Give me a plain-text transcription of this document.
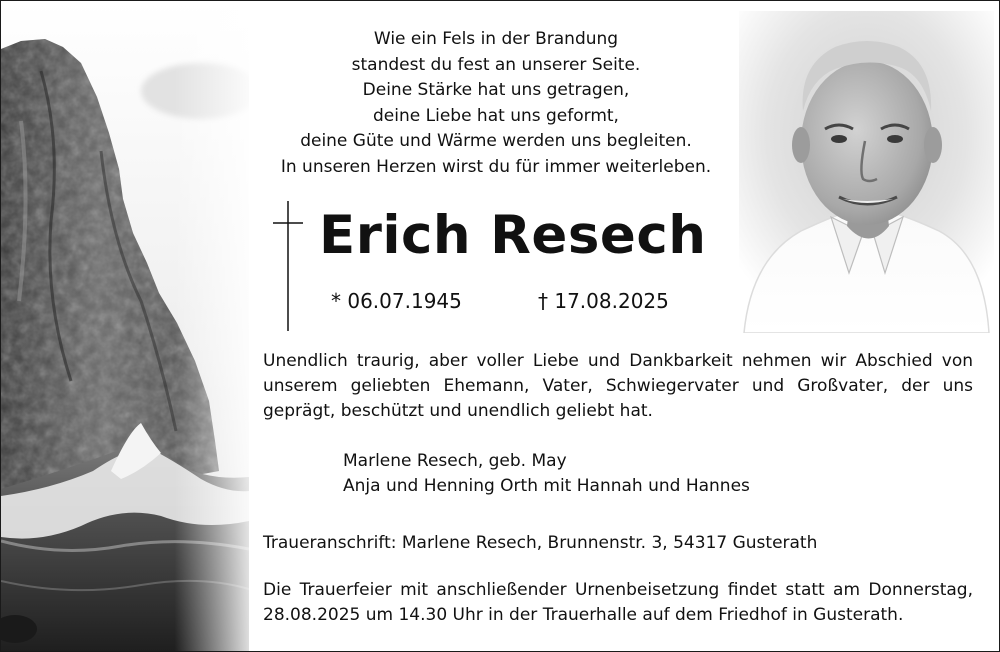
Wie ein Fels in der Brandung
standest du fest an unserer Seite.
Deine Stärke hat uns getragen,
deine Liebe hat uns geformt,
deine Güte und Wärme werden uns begleiten.
In unseren Herzen wirst du für immer weiterleben.
Erich Resech
* 06.07.1945	† 17.08.2025

Unendlich traurig, aber voller Liebe und Dankbarkeit nehmen wir Abschied von unserem geliebten Ehemann, Vater, Schwiegervater und Großvater, der uns geprägt, beschützt und unendlich geliebt hat.

Marlene Resech, geb. May
Anja und Henning Orth mit Hannah und Hannes

Traueranschrift: Marlene Resech, Brunnenstr. 3, 54317 Gusterath

Die Trauerfeier mit anschließender Urnenbeisetzung findet statt am Donnerstag, 28.08.2025 um 14.30 Uhr in der Trauerhalle auf dem Friedhof in Gusterath.
